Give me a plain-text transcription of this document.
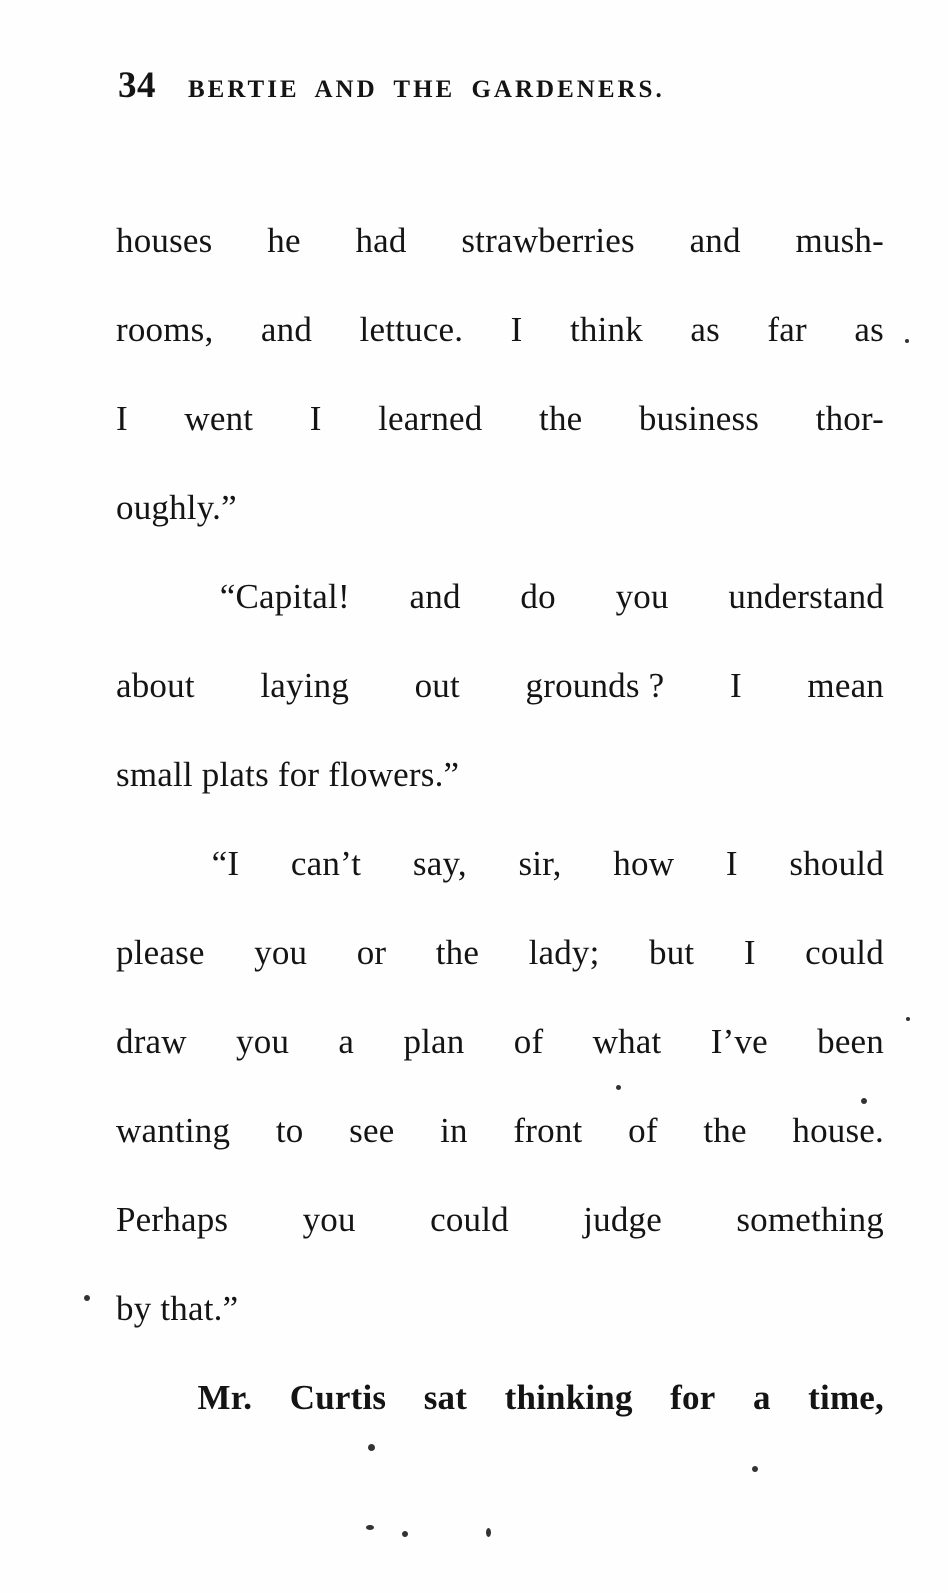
34 BERTIE AND THE GARDENERS.
houses he had strawberries and mush-
rooms, and lettuce. I think as far as
I went I learned the business thor-
oughly.”
“Capital! and do you understand
about laying out grounds ? I mean
small plats for flowers.”
“I can’t say, sir, how I should
please you or the lady; but I could
draw you a plan of what I’ve been
wanting to see in front of the house.
Perhaps you could judge something
by that.”
Mr. Curtis sat thinking for a time,
